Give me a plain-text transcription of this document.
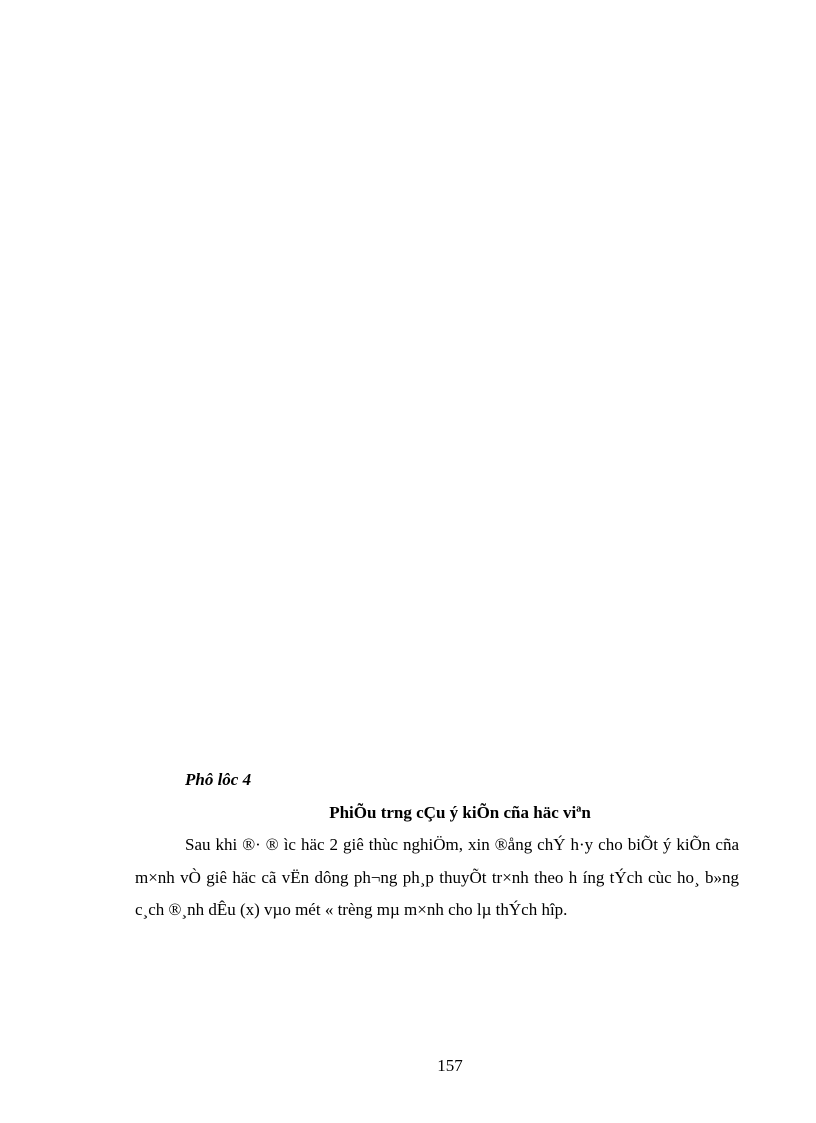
Phô lôc 4
PhiÕu trng cÇu ý kiÕn cña häc viªn

Sau khi ®· ® ìc häc 2 giê thùc nghiÖm, xin ®ång chÝ h·y cho biÕt ý kiÕn cña m×nh vÒ giê häc cã vËn dông ph¬ng ph¸p thuyÕt tr×nh theo h íng tÝch cùc ho¸ b»ng c¸ch ®¸nh dÊu (x) vµo mét « trèng mµ m×nh cho lµ thÝch hîp.

157
